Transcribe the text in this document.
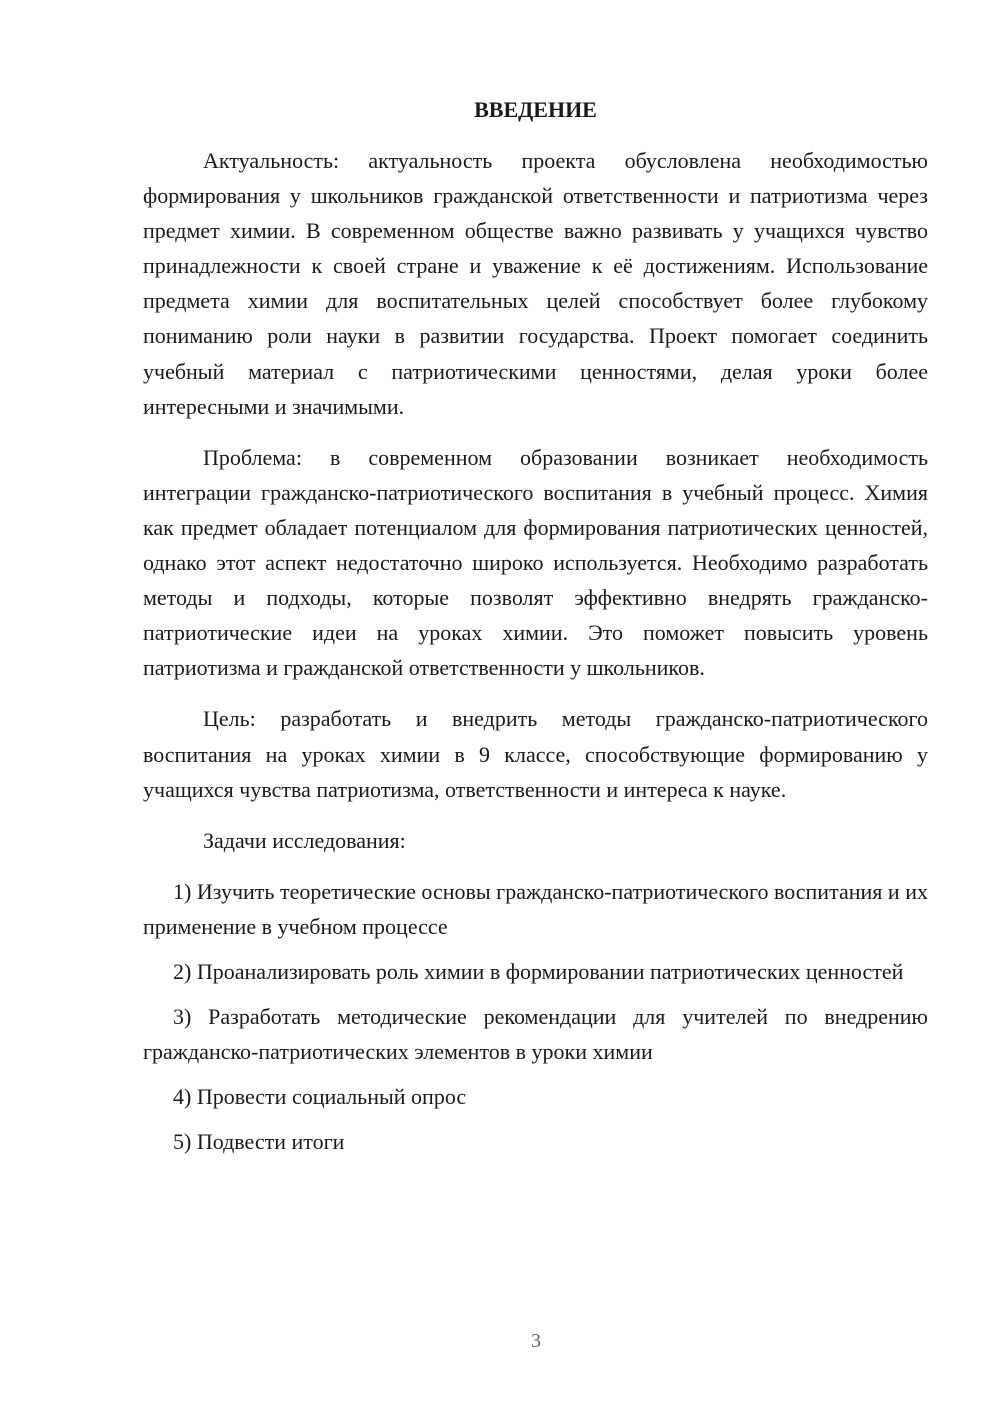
ВВЕДЕНИЕ

Актуальность: актуальность проекта обусловлена необходимостью формирования у школьников гражданской ответственности и патриотизма через предмет химии. В современном обществе важно развивать у учащихся чувство принадлежности к своей стране и уважение к её достижениям. Использование предмета химии для воспитательных целей способствует более глубокому пониманию роли науки в развитии государства. Проект помогает соединить учебный материал с патриотическими ценностями, делая уроки более интересными и значимыми.

Проблема: в современном образовании возникает необходимость интеграции гражданско-патриотического воспитания в учебный процесс. Химия как предмет обладает потенциалом для формирования патриотических ценностей, однако этот аспект недостаточно широко используется. Необходимо разработать методы и подходы, которые позволят эффективно внедрять гражданско-патриотические идеи на уроках химии. Это поможет повысить уровень патриотизма и гражданской ответственности у школьников.

Цель: разработать и внедрить методы гражданско-патриотического воспитания на уроках химии в 9 классе, способствующие формированию у учащихся чувства патриотизма, ответственности и интереса к науке.

Задачи исследования:

1) Изучить теоретические основы гражданско-патриотического воспитания и их применение в учебном процессе

2) Проанализировать роль химии в формировании патриотических ценностей

3) Разработать методические рекомендации для учителей по внедрению гражданско-патриотических элементов в уроки химии

4) Провести социальный опрос

5) Подвести итоги

3
